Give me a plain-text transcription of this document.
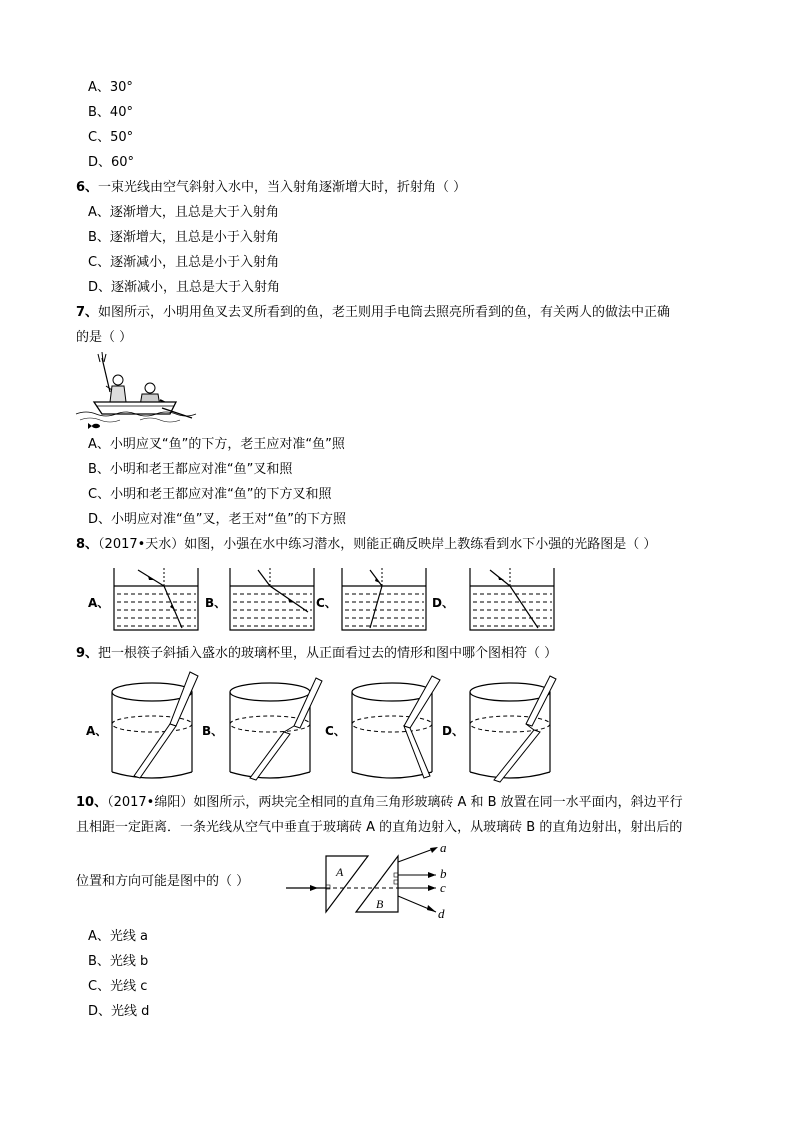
A、30°
B、40°
C、50°
D、60°
6、一束光线由空气斜射入水中，当入射角逐渐增大时，折射角（ ）
A、逐渐增大，且总是大于入射角
B、逐渐增大，且总是小于入射角
C、逐渐减小，且总是小于入射角
D、逐渐减小，且总是大于入射角
7、如图所示，小明用鱼叉去叉所看到的鱼，老王则用手电筒去照亮所看到的鱼，有关两人的做法中正确
的是（ ）
A、小明应叉“鱼”的下方，老王应对准“鱼”照
B、小明和老王都应对准“鱼”叉和照
C、小明和老王都应对准“鱼”的下方叉和照
D、小明应对准“鱼”叉，老王对“鱼”的下方照
8、（2017•天水）如图，小强在水中练习潜水，则能正确反映岸上教练看到水下小强的光路图是（ ）
A、	B、	C、	D、
9、把一根筷子斜插入盛水的玻璃杯里，从正面看过去的情形和图中哪个图相符（ ）
A、	B、	C、	D、
10、（2017•绵阳）如图所示，两块完全相同的直角三角形玻璃砖 A 和 B 放置在同一水平面内，斜边平行
且相距一定距离．一条光线从空气中垂直于玻璃砖 A 的直角边射入，从玻璃砖 B 的直角边射出，射出后的
位置和方向可能是图中的（ ）
A
B
a
b
c
d
A、光线 a
B、光线 b
C、光线 c
D、光线 d
